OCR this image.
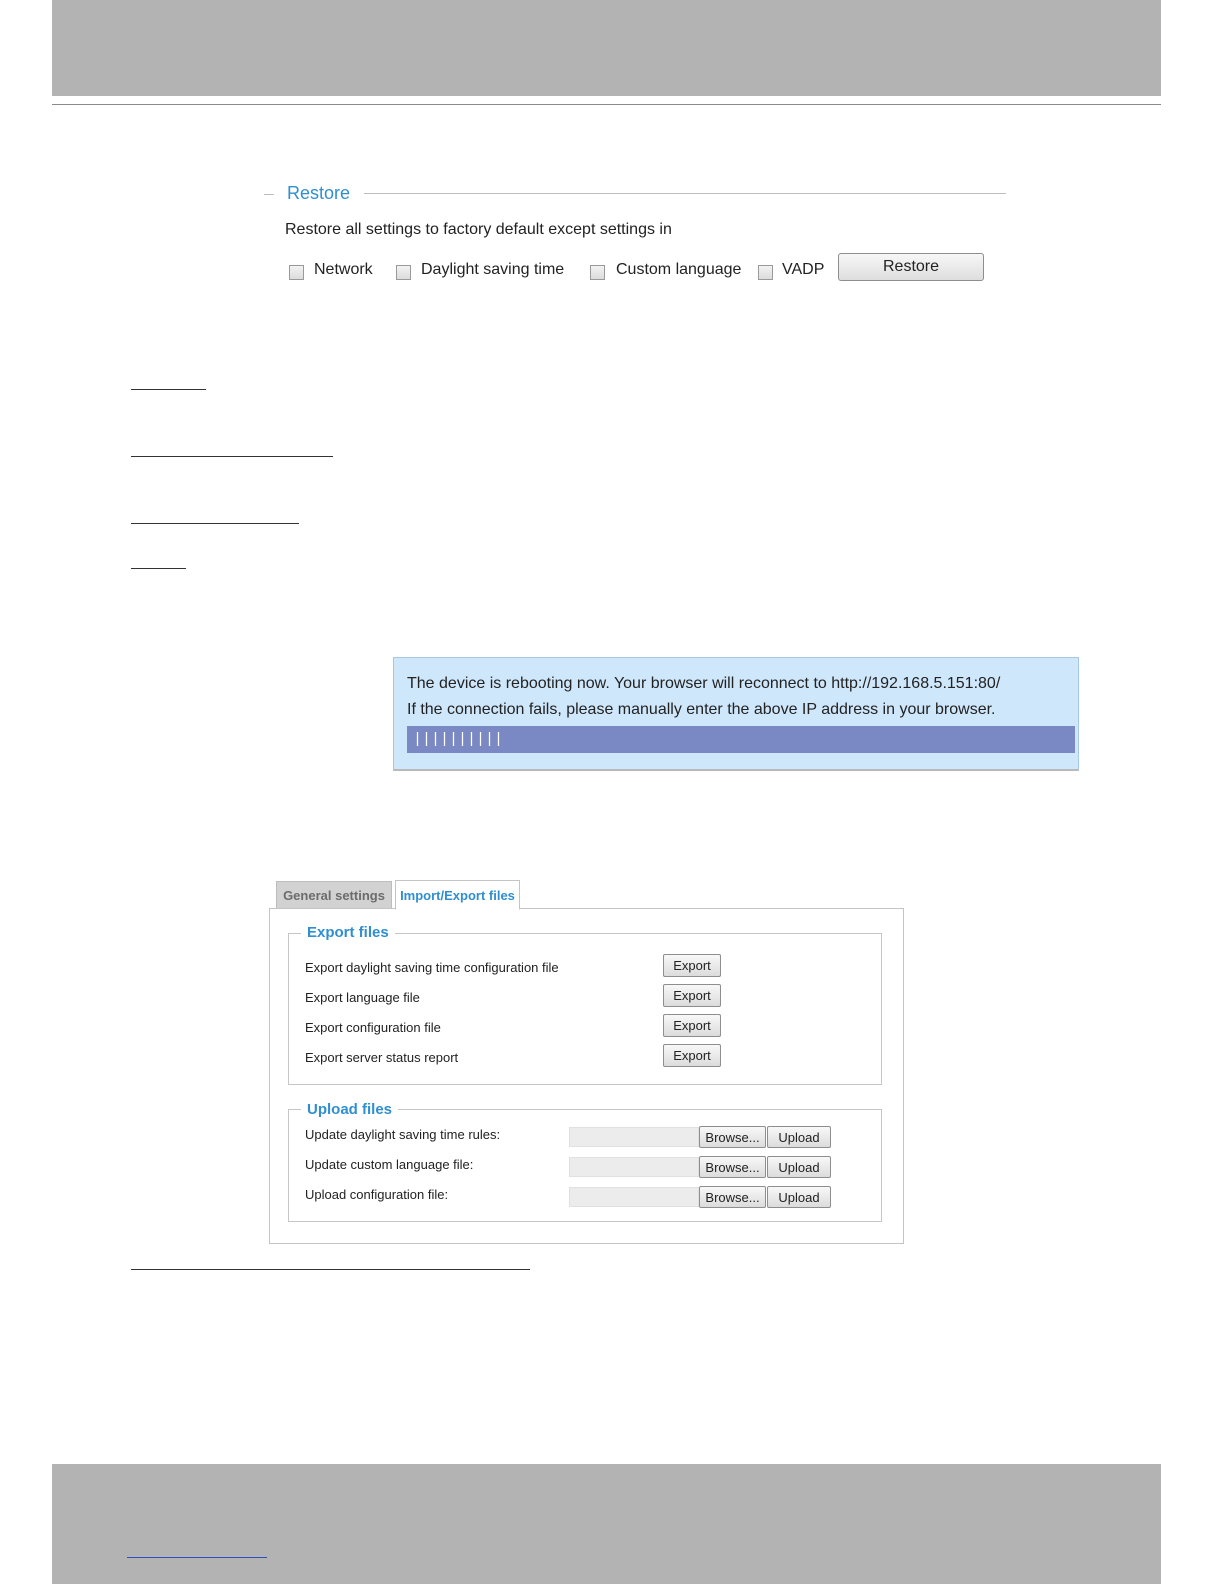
Restore
Restore all settings to factory default except settings in
Network	Daylight saving time	Custom language	VADP	Restore
The device is rebooting now. Your browser will reconnect to http://192.168.5.151:80/
If the connection fails, please manually enter the above IP address in your browser.
||||||||||
General settings	Import/Export files
Export files
Export daylight saving time configuration file	Export
Export language file	Export
Export configuration file	Export
Export server status report	Export
Upload files
Update daylight saving time rules:	Browse...	Upload
Update custom language file:	Browse...	Upload
Upload configuration file:	Browse...	Upload
